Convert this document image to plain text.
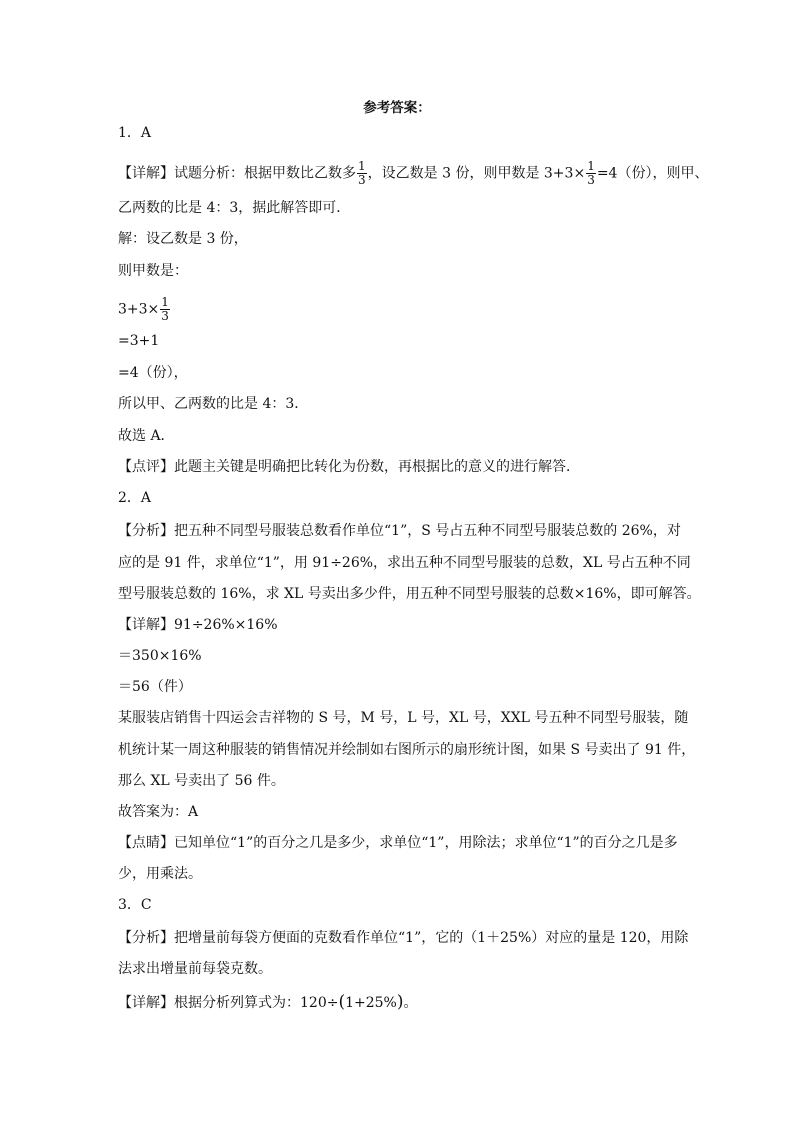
参考答案：
1．A
【详解】试题分析：根据甲数比乙数多 $\frac{1}{3}$ ，设乙数是 3 份，则甲数是 $3+3\times \frac{1}{3} =4$（份），则甲、
乙两数的比是 4：3，据此解答即可．
解：设乙数是 3 份，
则甲数是：
$3+3\times \frac{1}{3}$
=3+1
=4（份），
所以甲、乙两数的比是 4：3．
故选 A．
【点评】此题主关键是明确把比转化为份数，再根据比的意义的进行解答．
2．A
【分析】把五种不同型号服装总数看作单位“1”，S 号占五种不同型号服装总数的 26%，对
应的是 91 件，求单位“1”，用 91÷26%，求出五种不同型号服装的总数，XL 号占五种不同
型号服装总数的 16%，求 XL 号卖出多少件，用五种不同型号服装的总数×16%，即可解答。
【详解】91÷26%×16%
＝350×16%
＝56（件）
某服装店销售十四运会吉祥物的 S 号，M 号，L 号，XL 号，XXL 号五种不同型号服装，随
机统计某一周这种服装的销售情况并绘制如右图所示的扇形统计图，如果 S 号卖出了 91 件，
那么 XL 号卖出了 56 件。
故答案为：A
【点睛】已知单位“1”的百分之几是多少，求单位“1”，用除法；求单位“1”的百分之几是多
少，用乘法。
3．C
【分析】把增量前每袋方便面的克数看作单位“1”，它的（1＋25%）对应的量是 120，用除
法求出增量前每袋克数。
【详解】根据分析列算式为：120÷(1+25%)。
